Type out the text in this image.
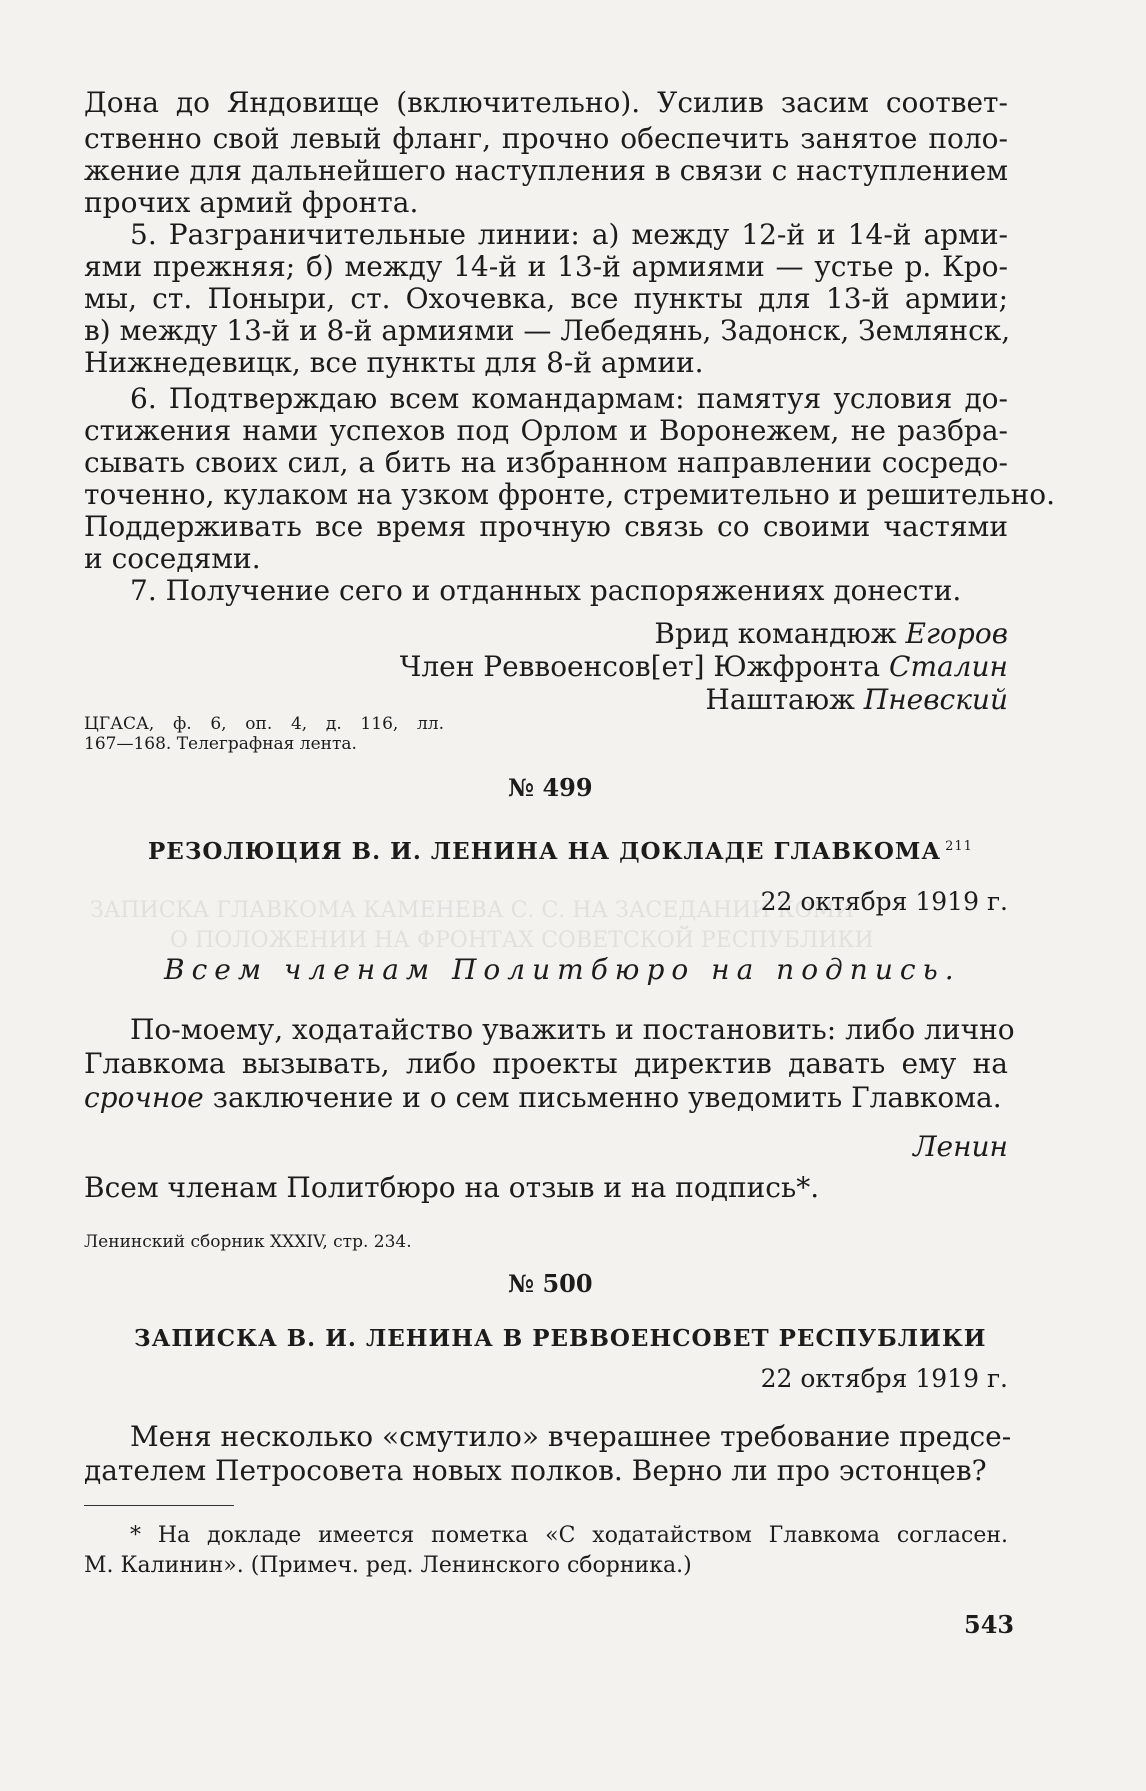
ЗАПИСКА ГЛАВКОМА КАМЕНЕВА С. С. НА ЗАСЕДАНИИ КОМИ
О ПОЛОЖЕНИИ НА ФРОНТАХ СОВЕТСКОЙ РЕСПУБЛИКИ
Дона до Яндовище (включительно). Усилив засим соответ-
ственно свой левый фланг, прочно обеспечить занятое поло-
жение для дальнейшего наступления в связи с наступлением
прочих армий фронта.
5. Разграничительные линии: а) между 12-й и 14-й арми-
ями прежняя; б) между 14-й и 13-й армиями — устье р. Кро-
мы, ст. Поныри, ст. Охочевка, все пункты для 13-й армии;
в) между 13-й и 8-й армиями — Лебедянь, Задонск, Землянск,
Нижнедевицк, все пункты для 8-й армии.
6. Подтверждаю всем командармам: памятуя условия до-
стижения нами успехов под Орлом и Воронежем, не разбра-
сывать своих сил, а бить на избранном направлении сосредо-
точенно, кулаком на узком фронте, стремительно и решительно.
Поддерживать все время прочную связь со своими частями
и соседями.
7. Получение сего и отданных распоряжениях донести.
Врид командюж Егоров
Член Реввоенсов[ет] Южфронта Сталин
Наштаюж Пневский
ЦГАСА, ф. 6, оп. 4, д. 116, лл.
167—168. Телеграфная лента.
№ 499
РЕЗОЛЮЦИЯ В. И. ЛЕНИНА НА ДОКЛАДЕ ГЛАВКОМА $^{211}$
22 октября 1919 г.
Всем членам Политбюро на подпись.
По-моему, ходатайство уважить и постановить: либо лично
Главкома вызывать, либо проекты директив давать ему на
срочное заключение и о сем письменно уведомить Главкома.
Ленин
Всем членам Политбюро на отзыв и на подпись*.
Ленинский сборник XXXIV, стр. 234.
№ 500
ЗАПИСКА В. И. ЛЕНИНА В РЕВВОЕНСОВЕТ РЕСПУБЛИКИ
22 октября 1919 г.
Меня несколько «смутило» вчерашнее требование предсе-
дателем Петросовета новых полков. Верно ли про эстонцев?
* На докладе имеется пометка «С ходатайством Главкома согласен.
М. Калинин». (Примеч. ред. Ленинского сборника.)
543
